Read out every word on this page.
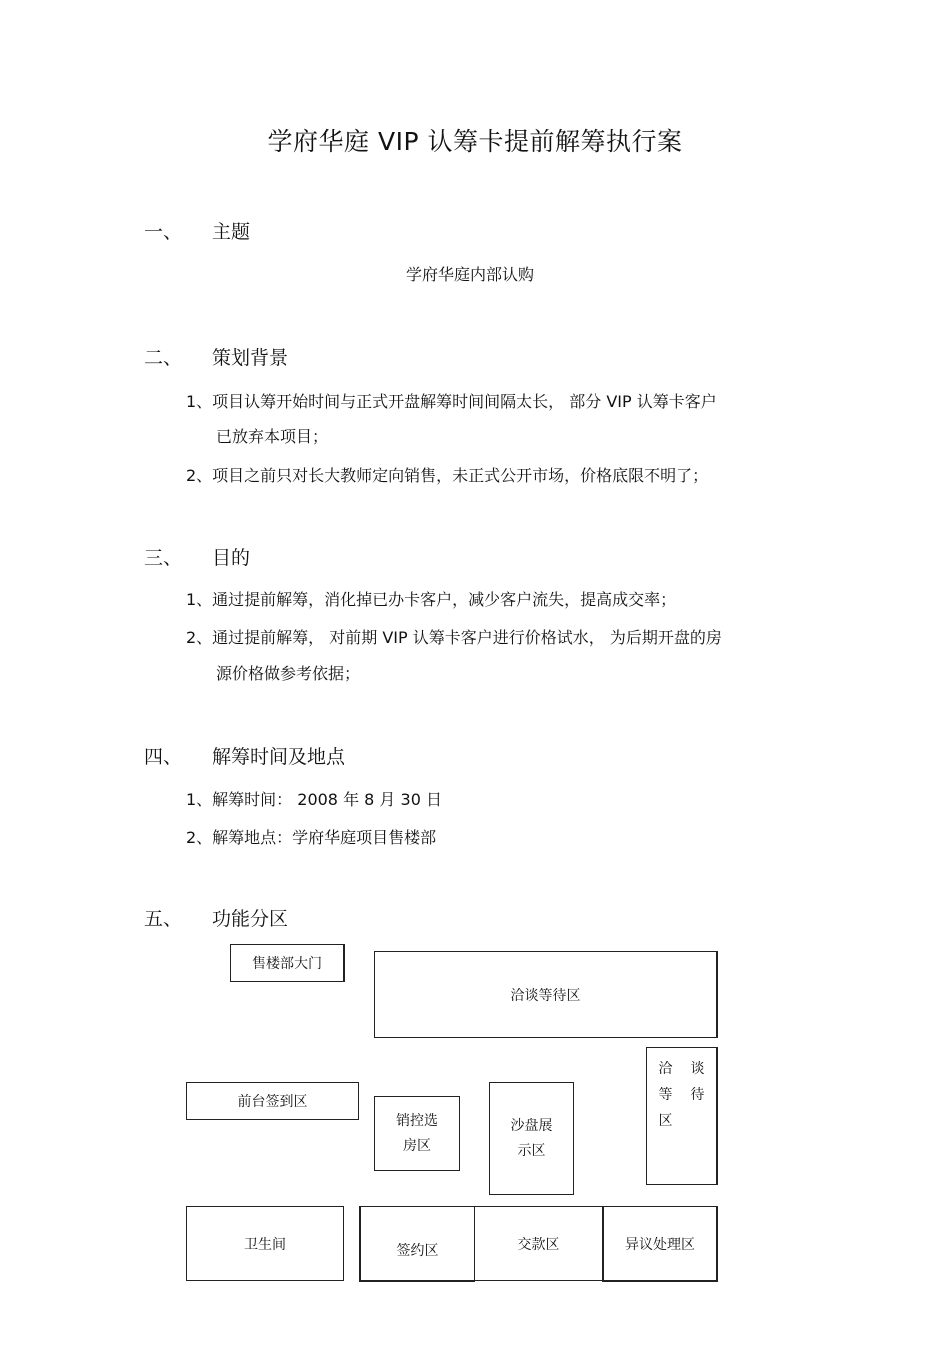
学府华庭 VIP 认筹卡提前解筹执行案
一、 主题
学府华庭内部认购
二、 策划背景
1、项目认筹开始时间与正式开盘解筹时间间隔太长， 部分 VIP 认筹卡客户
已放弃本项目；
2、项目之前只对长大教师定向销售，未正式公开市场，价格底限不明了；
三、 目的
1、通过提前解筹，消化掉已办卡客户，减少客户流失，提高成交率；
2、通过提前解筹， 对前期 VIP 认筹卡客户进行价格试水， 为后期开盘的房
源价格做参考依据；
四、 解筹时间及地点
1、解筹时间： 2008 年 8 月 30 日
2、解筹地点：学府华庭项目售楼部
五、 功能分区
售楼部大门
洽谈等待区
洽 谈
等 待
区
前台签到区
销控选
房区
沙盘展
示区
卫生间	签约区	交款区	异议处理区
